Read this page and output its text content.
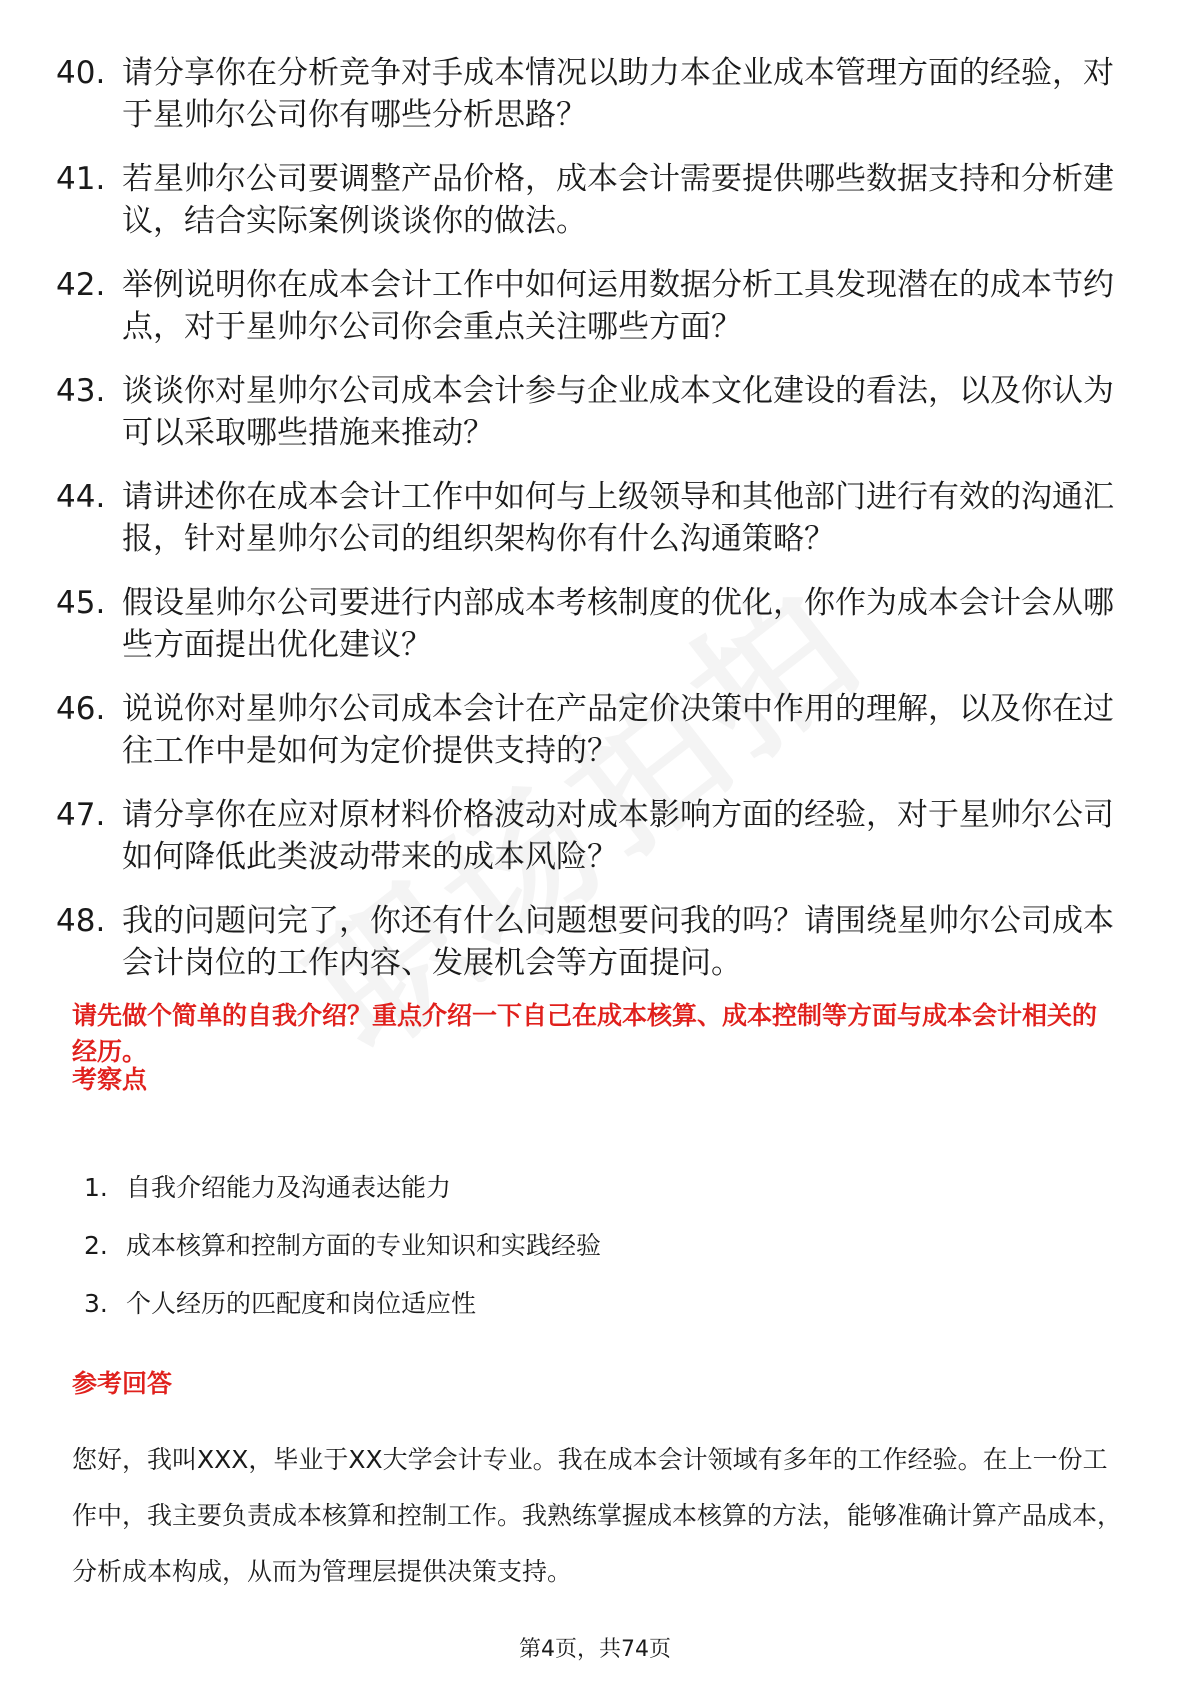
40. 请分享你在分析竞争对手成本情况以助力本企业成本管理方面的经验，对于星帅尔公司你有哪些分析思路？
41. 若星帅尔公司要调整产品价格，成本会计需要提供哪些数据支持和分析建议，结合实际案例谈谈你的做法。
42. 举例说明你在成本会计工作中如何运用数据分析工具发现潜在的成本节约点，对于星帅尔公司你会重点关注哪些方面？
43. 谈谈你对星帅尔公司成本会计参与企业成本文化建设的看法，以及你认为可以采取哪些措施来推动？
44. 请讲述你在成本会计工作中如何与上级领导和其他部门进行有效的沟通汇报，针对星帅尔公司的组织架构你有什么沟通策略？
45. 假设星帅尔公司要进行内部成本考核制度的优化，你作为成本会计会从哪些方面提出优化建议？
46. 说说你对星帅尔公司成本会计在产品定价决策中作用的理解，以及你在过往工作中是如何为定价提供支持的？
47. 请分享你在应对原材料价格波动对成本影响方面的经验，对于星帅尔公司如何降低此类波动带来的成本风险？
48. 我的问题问完了，你还有什么问题想要问我的吗？请围绕星帅尔公司成本会计岗位的工作内容、发展机会等方面提问。
请先做个简单的自我介绍？重点介绍一下自己在成本核算、成本控制等方面与成本会计相关的经历。
考察点
1. 自我介绍能力及沟通表达能力
2. 成本核算和控制方面的专业知识和实践经验
3. 个人经历的匹配度和岗位适应性
参考回答
您好，我叫XXX，毕业于XX大学会计专业。我在成本会计领域有多年的工作经验。在上一份工作中，我主要负责成本核算和控制工作。我熟练掌握成本核算的方法，能够准确计算产品成本，分析成本构成，从而为管理层提供决策支持。
第4页，共74页
